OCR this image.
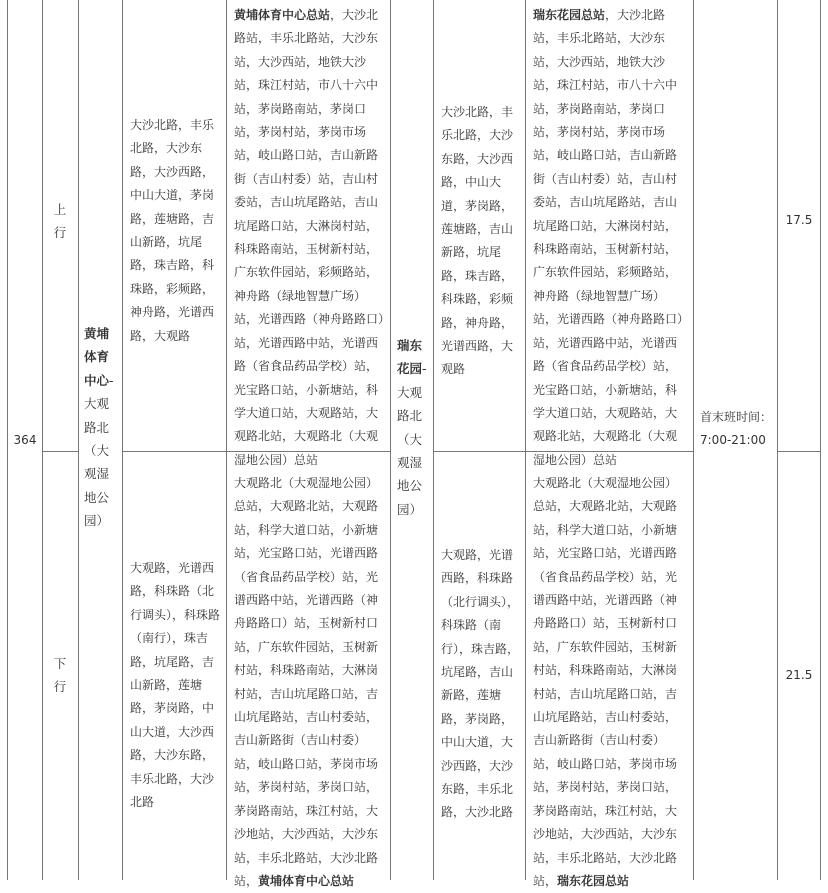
364
上行
下行
黄埔体育中心-大观路北（大观湿地公园）
大沙北路，丰乐北路，大沙东路，大沙西路，中山大道，茅岗路，莲塘路，吉山新路，坑尾路，珠吉路，科珠路，彩频路，神舟路，光谱西路，大观路
黄埔体育中心总站，大沙北路站，丰乐北路站，大沙东站，大沙西站，地铁大沙站，珠江村站，市八十六中站，茅岗路南站，茅岗口站，茅岗村站，茅岗市场站，岐山路口站，吉山新路街（吉山村委）站，吉山村委站，吉山坑尾路站，吉山坑尾路口站，大淋岗村站，科珠路南站，玉树新村站，广东软件园站，彩频路站，神舟路（绿地智慧广场）站，光谱西路（神舟路路口）站，光谱西路中站，光谱西路（省食品药品学校）站，光宝路口站，小新塘站，科学大道口站，大观路站，大观路北站，大观路北（大观湿地公园）总站
瑞东花园-大观路北（大观湿地公园）
大沙北路，丰乐北路，大沙东路，大沙西路，中山大道，茅岗路，莲塘路，吉山新路，坑尾路，珠吉路，科珠路，彩频路，神舟路，光谱西路，大观路
瑞东花园总站，大沙北路站，丰乐北路站，大沙东站，大沙西站，地铁大沙站，珠江村站，市八十六中站，茅岗路南站，茅岗口站，茅岗村站，茅岗市场站，岐山路口站，吉山新路街（吉山村委）站，吉山村委站，吉山坑尾路站，吉山坑尾路口站，大淋岗村站，科珠路南站，玉树新村站，广东软件园站，彩频路站，神舟路（绿地智慧广场）站，光谱西路（神舟路路口）站，光谱西路中站，光谱西路（省食品药品学校）站，光宝路口站，小新塘站，科学大道口站，大观路站，大观路北站，大观路北（大观湿地公园）总站
首末班时间：7:00-21:00
17.5
大观路，光谱西路，科珠路（北行调头），科珠路（南行），珠吉路，坑尾路，吉山新路，莲塘路，茅岗路，中山大道，大沙西路，大沙东路，丰乐北路，大沙北路
大观路北（大观湿地公园）总站，大观路北站，大观路站，科学大道口站，小新塘站，光宝路口站，光谱西路（省食品药品学校）站，光谱西路中站，光谱西路（神舟路路口）站，玉树新村口站，广东软件园站，玉树新村站，科珠路南站，大淋岗村站，吉山坑尾路口站，吉山坑尾路站，吉山村委站，吉山新路街（吉山村委）站，岐山路口站，茅岗市场站，茅岗村站，茅岗口站，茅岗路南站，珠江村站，大沙地站，大沙西站，大沙东站，丰乐北路站，大沙北路站，黄埔体育中心总站
大观路，光谱西路，科珠路（北行调头），科珠路（南行），珠吉路，坑尾路，吉山新路，莲塘路，茅岗路，中山大道，大沙西路，大沙东路，丰乐北路，大沙北路
大观路北（大观湿地公园）总站，大观路北站，大观路站，科学大道口站，小新塘站，光宝路口站，光谱西路（省食品药品学校）站，光谱西路中站，光谱西路（神舟路路口）站，玉树新村口站，广东软件园站，玉树新村站，科珠路南站，大淋岗村站，吉山坑尾路口站，吉山坑尾路站，吉山村委站，吉山新路街（吉山村委）站，岐山路口站，茅岗市场站，茅岗村站，茅岗口站，茅岗路南站，珠江村站，大沙地站，大沙西站，大沙东站，丰乐北路站，大沙北路站，瑞东花园总站
21.5
